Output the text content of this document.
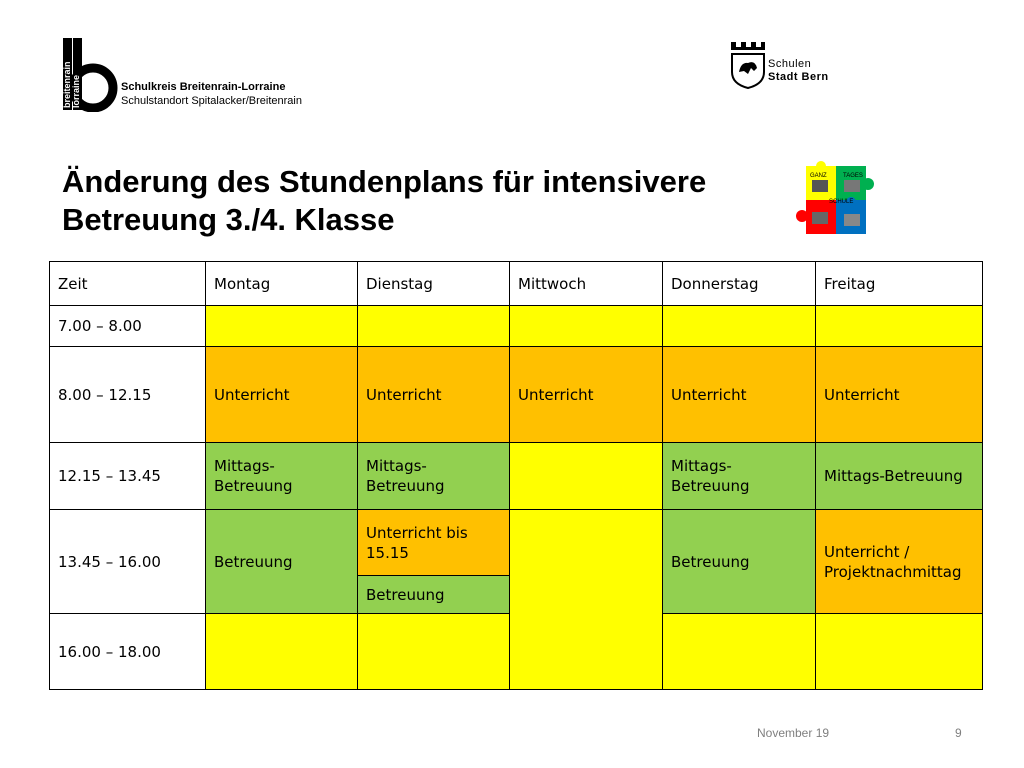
breitenrain lorraine	Schulkreis Breitenrain-Lorraine
Schulstandort Spitalacker/Breitenrain
Schulen
Stadt Bern
Änderung des Stundenplans für intensivere
Betreuung 3./4. Klasse
GANZ	TAGES
SCHULE
Zeit	Montag	Dienstag	Mittwoch	Donnerstag	Freitag
7.00 – 8.00					
8.00 – 12.15	Unterricht	Unterricht	Unterricht	Unterricht	Unterricht
12.15 – 13.45	Mittags-Betreuung	Mittags-Betreuung		Mittags-Betreuung	Mittags-Betreuung
13.45 – 16.00	Betreuung	Unterricht bis 15.15		Betreuung	Unterricht / Projektnachmittag
		Betreuung			
16.00 – 18.00					
November 19	9
